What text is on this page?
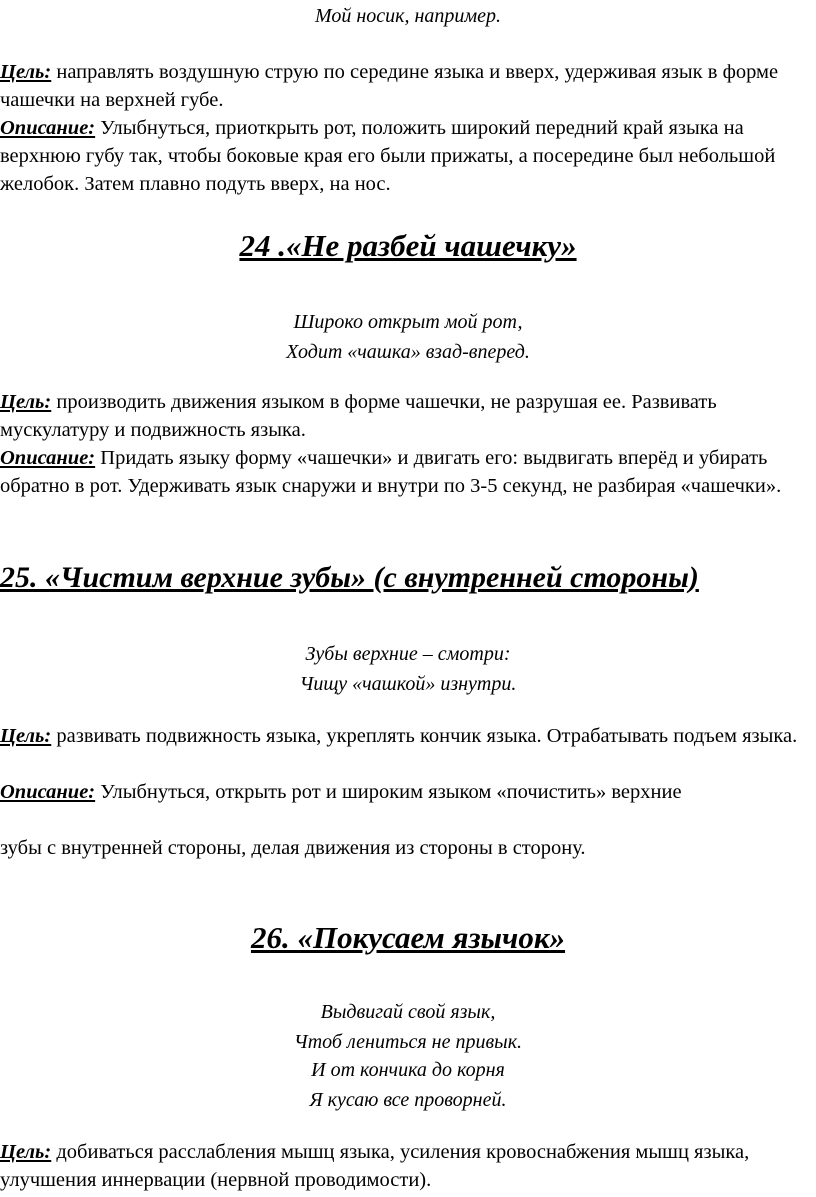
Мой носик, например.
Цель: направлять воздушную струю по середине языка и вверх, удерживая язык в форме чашечки на верхней губе.
Описание: Улыбнуться, приоткрыть рот, положить широкий передний край языка на верхнюю губу так, чтобы боковые края его были прижаты, а посередине был небольшой желобок. Затем плавно подуть вверх, на нос.
24 .«Не разбей чашечку»
Широко открыт мой рот,
Ходит «чашка» взад-вперед.
Цель: производить движения языком в форме чашечки, не разрушая ее. Развивать мускулатуру и подвижность языка.
Описание: Придать языку форму «чашечки» и двигать его: выдвигать вперёд и убирать обратно в рот. Удерживать язык снаружи и внутри по 3-5 секунд, не разбирая «чашечки».
25. «Чистим верхние зубы» (с внутренней стороны)
Зубы верхние – смотри:
Чищу «чашкой» изнутри.
Цель: развивать подвижность языка, укреплять кончик языка. Отрабатывать подъем языка.
Описание: Улыбнуться, открыть рот и широким языком «почистить» верхние
зубы с внутренней стороны, делая движения из стороны в сторону.
26. «Покусаем язычок»
Выдвигай свой язык,
Чтоб лениться не привык.
И от кончика до корня
Я кусаю все проворней.
Цель: добиваться расслабления мышц языка, усиления кровоснабжения мышц языка, улучшения иннервации (нервной проводимости).
